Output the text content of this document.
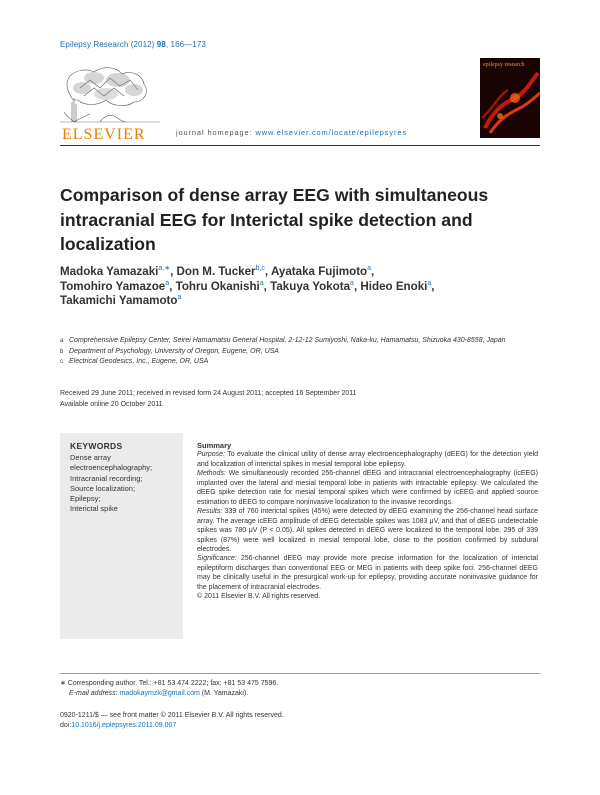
Epilepsy Research (2012) 98, 166—173
ELSEVIER	journal homepage: www.elsevier.com/locate/epilepsyres
epilepsy research
Comparison of dense array EEG with simultaneous intracranial EEG for Interictal spike detection and localization
Madoka Yamazaki$^{a,∗}$, Don M. Tucker$^{b,c}$, Ayataka Fujimoto$^a$,
Tomohiro Yamazoe$^a$, Tohru Okanishi$^a$, Takuya Yokota$^a$, Hideo Enoki$^a$,
Takamichi Yamamoto$^a$
a Comprehensive Epilepsy Center, Seirei Hamamatsu General Hospital, 2-12-12 Sumiyoshi, Naka-ku, Hamamatsu, Shizuoka 430-8558, Japan
b Department of Psychology, University of Oregon, Eugene, OR, USA
c Electrical Geodesics, Inc., Eugene, OR, USA
Received 29 June 2011; received in revised form 24 August 2011; accepted 16 September 2011
Available online 20 October 2011
KEYWORDS
Dense array electroencephalography;
Intracranial recording;
Source localization;
Epilepsy;
Interictal spike
Summary
Purpose: To evaluate the clinical utility of dense array electroencephalography (dEEG) for the detection yield and localization of interictal spikes in mesial temporal lobe epilepsy.
Methods: We simultaneously recorded 256-channel dEEG and intracranial electroencephalography (icEEG) implanted over the lateral and mesial temporal lobe in patients with intractable epilepsy. We calculated the dEEG spike detection rate for mesial temporal spikes which were confirmed by icEEG and applied source estimation to dEEG to compare noninvasive localization to the invasive recordings.
Results: 339 of 760 interictal spikes (45%) were detected by dEEG examining the 256-channel head surface array. The average icEEG amplitude of dEEG detectable spikes was 1083 μV, and that of dEEG undetectable spikes was 780 μV (P < 0.05). All spikes detected in dEEG were localized to the temporal lobe. 295 of 339 spikes (87%) were well localized in mesial temporal lobe, close to the position confirmed by subdural electrodes.
Significance: 256-channel dEEG may provide more precise information for the localization of interictal epileptiform discharges than conventional EEG or MEG in patients with deep spike foci. 256-channel dEEG may be clinically useful in the presurgical work-up for epilepsy, providing accurate noninvasive guidance for the placement of intracranial electrodes.
© 2011 Elsevier B.V. All rights reserved.
∗ Corresponding author. Tel.: +81 53 474 2222; fax: +81 53 475 7596.
E-mail address: madokaymzk@gmail.com (M. Yamazaki).
0920-1211/$ — see front matter © 2011 Elsevier B.V. All rights reserved.
doi:10.1016/j.eplepsyres.2011.09.007
